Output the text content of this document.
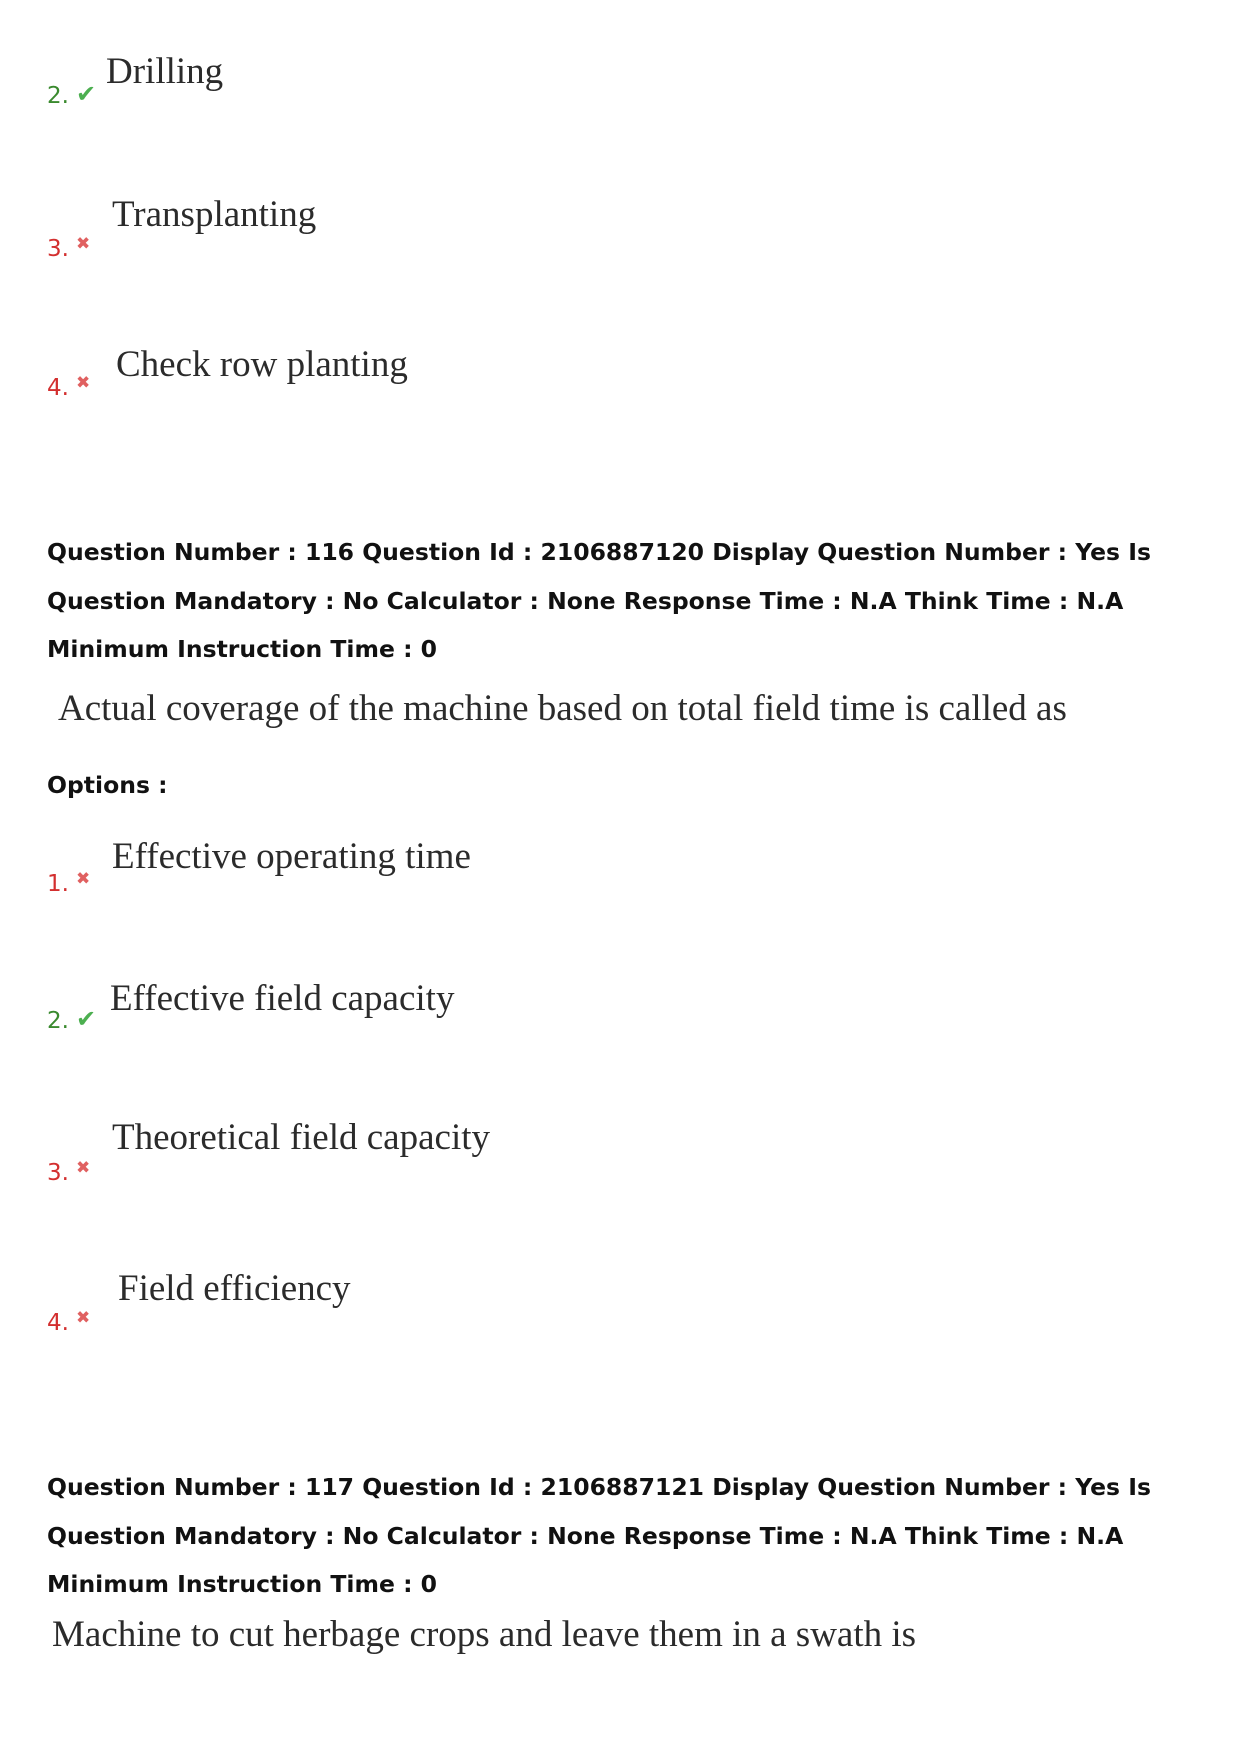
2. ✔
Drilling
3. ✖
Transplanting
4. ✖ Check row planting
Question Number : 116 Question Id : 2106887120 Display Question Number : Yes Is Question Mandatory : No Calculator : None Response Time : N.A Think Time : N.A Minimum Instruction Time : 0
Actual coverage of the machine based on total field time is called as
Options :
1. ✖
Effective operating time
2. ✔ Effective field capacity
3. ✖
Theoretical field capacity
4. ✖
Field efficiency
Question Number : 117 Question Id : 2106887121 Display Question Number : Yes Is Question Mandatory : No Calculator : None Response Time : N.A Think Time : N.A Minimum Instruction Time : 0
Machine to cut herbage crops and leave them in a swath is
